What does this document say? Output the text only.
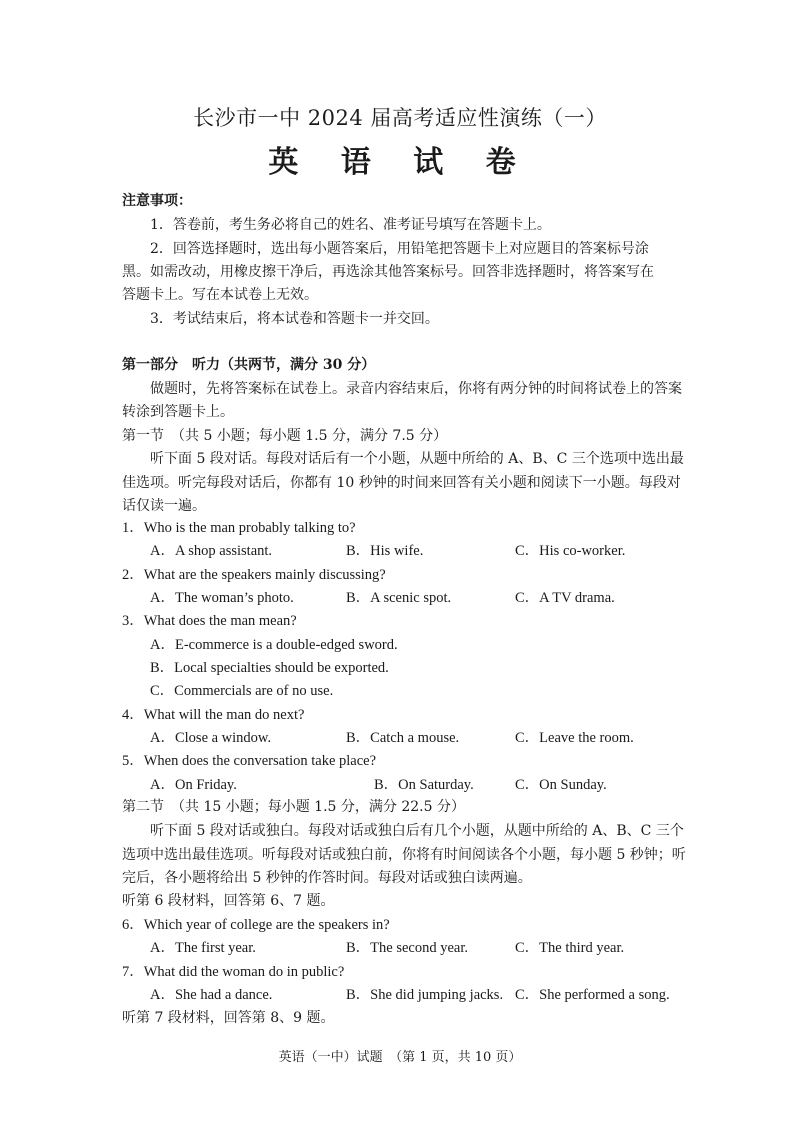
长沙市一中 2024 届高考适应性演练（一）
英 语 试 卷
注意事项：
1．答卷前，考生务必将自己的姓名、准考证号填写在答题卡上。
2．回答选择题时，选出每小题答案后，用铅笔把答题卡上对应题目的答案标号涂
黑。如需改动，用橡皮擦干净后，再选涂其他答案标号。回答非选择题时，将答案写在
答题卡上。写在本试卷上无效。
3．考试结束后，将本试卷和答题卡一并交回。
第一部分　听力（共两节，满分 30 分）
做题时，先将答案标在试卷上。录音内容结束后，你将有两分钟的时间将试卷上的答案
转涂到答题卡上。
第一节　（共 5 小题；每小题 1.5 分，满分 7.5 分）
听下面 5 段对话。每段对话后有一个小题，从题中所给的 A、B、C 三个选项中选出最
佳选项。听完每段对话后，你都有 10 秒钟的时间来回答有关小题和阅读下一小题。每段对
话仅读一遍。
1．Who is the man probably talking to?
A．A shop assistant.	B．His wife.	C．His co-worker.
2．What are the speakers mainly discussing?
A．The woman’s photo.	B．A scenic spot.	C．A TV drama.
3．What does the man mean?
A．E-commerce is a double-edged sword.
B．Local specialties should be exported.
C．Commercials are of no use.
4．What will the man do next?
A．Close a window.	B．Catch a mouse.	C．Leave the room.
5．When does the conversation take place?
A．On Friday.	B．On Saturday.	C．On Sunday.
第二节　（共 15 小题；每小题 1.5 分，满分 22.5 分）
听下面 5 段对话或独白。每段对话或独白后有几个小题，从题中所给的 A、B、C 三个
选项中选出最佳选项。听每段对话或独白前，你将有时间阅读各个小题，每小题 5 秒钟；听
完后，各小题将给出 5 秒钟的作答时间。每段对话或独白读两遍。
听第 6 段材料，回答第 6、7 题。
6．Which year of college are the speakers in?
A．The first year.	B．The second year.	C．The third year.
7．What did the woman do in public?
A．She had a dance.	B．She did jumping jacks. C．She performed a song.
听第 7 段材料，回答第 8、9 题。
英语（一中）试题　（第 1 页，共 10 页）
